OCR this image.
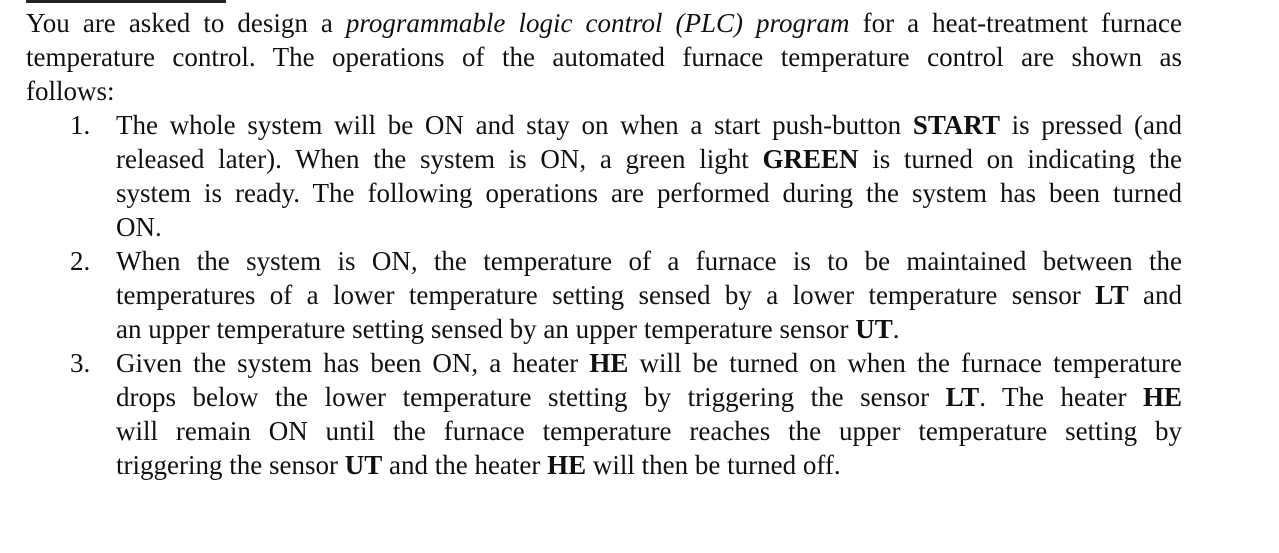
You are asked to design a programmable logic control (PLC) program for a heat-treatment furnace
temperature control. The operations of the automated furnace temperature control are shown as
follows:

1. The whole system will be ON and stay on when a start push-button START is pressed (and
released later). When the system is ON, a green light GREEN is turned on indicating the
system is ready. The following operations are performed during the system has been turned
ON.
2. When the system is ON, the temperature of a furnace is to be maintained between the
temperatures of a lower temperature setting sensed by a lower temperature sensor LT and
an upper temperature setting sensed by an upper temperature sensor UT.
3. Given the system has been ON, a heater HE will be turned on when the furnace temperature
drops below the lower temperature stetting by triggering the sensor LT. The heater HE
will remain ON until the furnace temperature reaches the upper temperature setting by
triggering the sensor UT and the heater HE will then be turned off.
